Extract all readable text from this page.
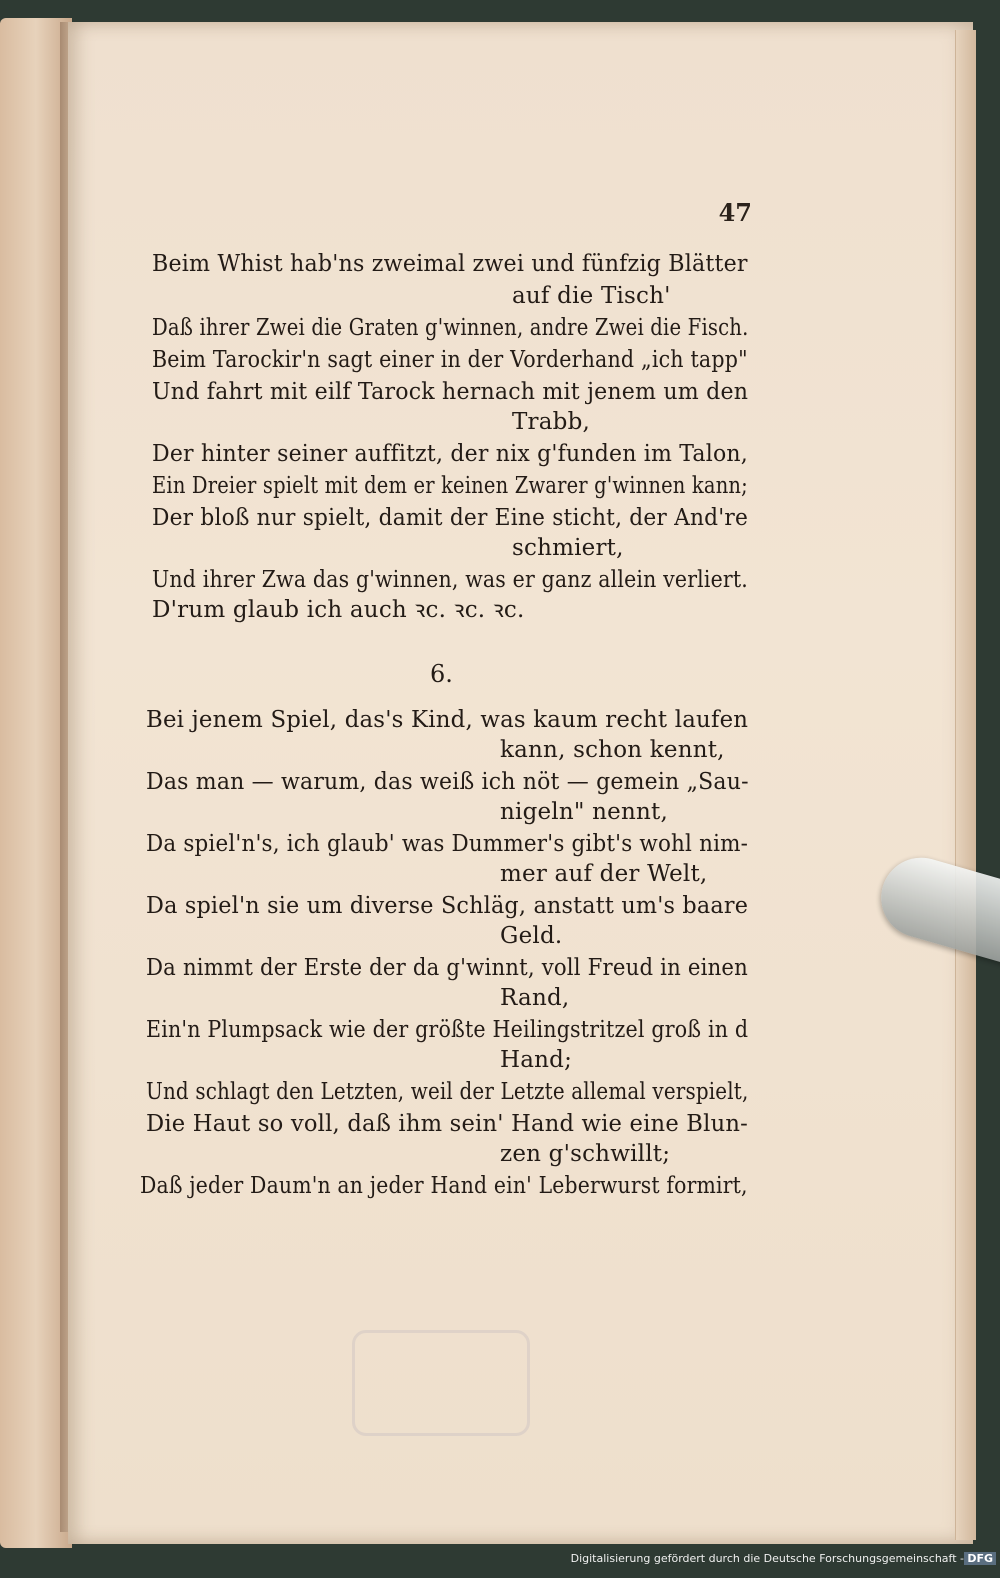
47
Beim Whist hab'ns zweimal zwei und fünfzig Blätter
auf die Tisch'
Daß ihrer Zwei die Graten g'winnen, andre Zwei die Fisch.
Beim Tarockir'n sagt einer in der Vorderhand „ich tapp"
Und fahrt mit eilf Tarock hernach mit jenem um den
Trabb,
Der hinter seiner auffitzt, der nix g'funden im Talon,
Ein Dreier spielt mit dem er keinen Zwarer g'winnen kann;
Der bloß nur spielt, damit der Eine sticht, der And're
schmiert,
Und ihrer Zwa das g'winnen, was er ganz allein verliert.
D'rum glaub ich auch ꝛc. ꝛc. ꝛc.
6.
Bei jenem Spiel, das's Kind, was kaum recht laufen
kann, schon kennt,
Das man — warum, das weiß ich nöt — gemein „Sau-
nigeln" nennt,
Da spiel'n's, ich glaub' was Dummer's gibt's wohl nim-
mer auf der Welt,
Da spiel'n sie um diverse Schläg, anstatt um's baare
Geld.
Da nimmt der Erste der da g'winnt, voll Freud in einen
Rand,
Ein'n Plumpsack wie der größte Heilingstritzel groß in d
Hand;
Und schlagt den Letzten, weil der Letzte allemal verspielt,
Die Haut so voll, daß ihm sein' Hand wie eine Blun-
zen g'schwillt;
Daß jeder Daum'n an jeder Hand ein' Leberwurst formirt,
Digitalisierung gefördert durch die Deutsche Forschungsgemeinschaft - DFG
